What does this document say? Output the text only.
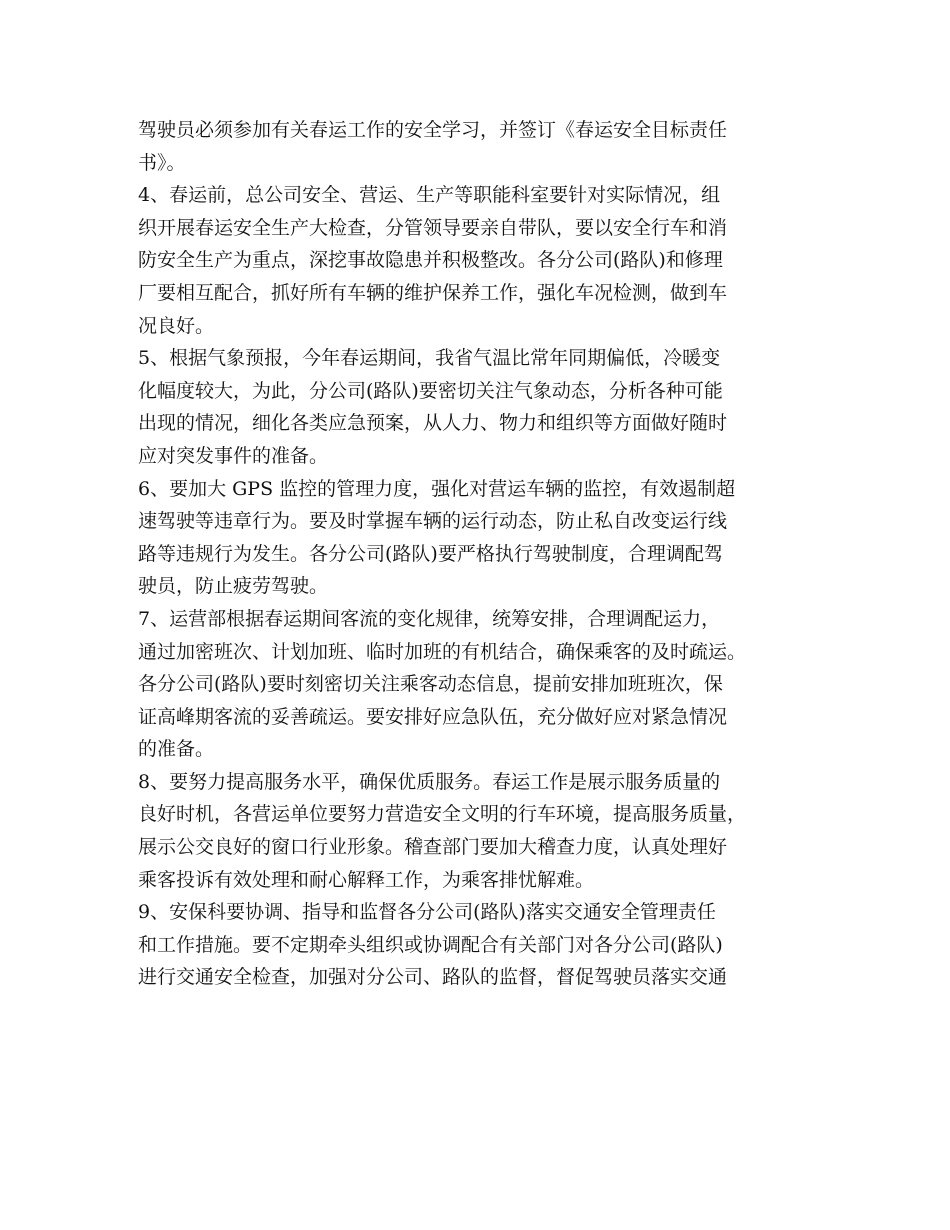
驾驶员必须参加有关春运工作的安全学习，并签订《春运安全目标责任
书》。
4、春运前，总公司安全、营运、生产等职能科室要针对实际情况，组
织开展春运安全生产大检查，分管领导要亲自带队，要以安全行车和消
防安全生产为重点，深挖事故隐患并积极整改。各分公司(路队)和修理
厂要相互配合，抓好所有车辆的维护保养工作，强化车况检测，做到车
况良好。
5、根据气象预报，今年春运期间，我省气温比常年同期偏低，冷暖变
化幅度较大，为此，分公司(路队)要密切关注气象动态，分析各种可能
出现的情况，细化各类应急预案，从人力、物力和组织等方面做好随时
应对突发事件的准备。
6、要加大 GPS 监控的管理力度，强化对营运车辆的监控，有效遏制超
速驾驶等违章行为。要及时掌握车辆的运行动态，防止私自改变运行线
路等违规行为发生。各分公司(路队)要严格执行驾驶制度，合理调配驾
驶员，防止疲劳驾驶。
7、运营部根据春运期间客流的变化规律，统筹安排，合理调配运力，
通过加密班次、计划加班、临时加班的有机结合，确保乘客的及时疏运。
各分公司(路队)要时刻密切关注乘客动态信息，提前安排加班班次，保
证高峰期客流的妥善疏运。要安排好应急队伍，充分做好应对紧急情况
的准备。
8、要努力提高服务水平，确保优质服务。春运工作是展示服务质量的
良好时机，各营运单位要努力营造安全文明的行车环境，提高服务质量，
展示公交良好的窗口行业形象。稽查部门要加大稽查力度，认真处理好
乘客投诉有效处理和耐心解释工作，为乘客排忧解难。
9、安保科要协调、指导和监督各分公司(路队)落实交通安全管理责任
和工作措施。要不定期牵头组织或协调配合有关部门对各分公司(路队)
进行交通安全检查，加强对分公司、路队的监督，督促驾驶员落实交通
